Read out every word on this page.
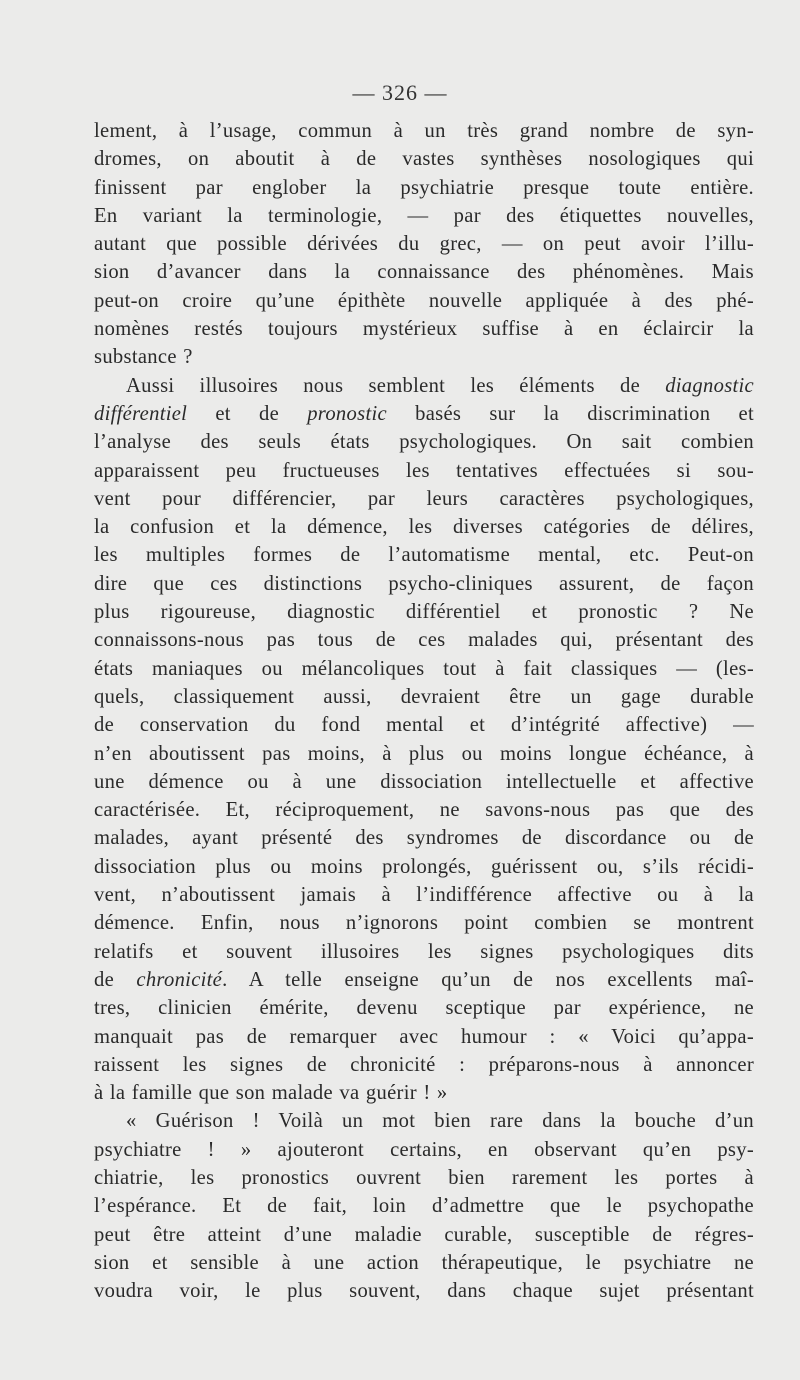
— 326 —

lement, à l’usage, commun à un très grand nombre de syn-
dromes, on aboutit à de vastes synthèses nosologiques qui
finissent par englober la psychiatrie presque toute entière.
En variant la terminologie, — par des étiquettes nouvelles,
autant que possible dérivées du grec, — on peut avoir l’illu-
sion d’avancer dans la connaissance des phénomènes. Mais
peut-on croire qu’une épithète nouvelle appliquée à des phé-
nomènes restés toujours mystérieux suffise à en éclaircir la
substance ?

Aussi illusoires nous semblent les éléments de diagnostic
différentiel et de pronostic basés sur la discrimination et
l’analyse des seuls états psychologiques. On sait combien
apparaissent peu fructueuses les tentatives effectuées si sou-
vent pour différencier, par leurs caractères psychologiques,
la confusion et la démence, les diverses catégories de délires,
les multiples formes de l’automatisme mental, etc. Peut-on
dire que ces distinctions psycho-cliniques assurent, de façon
plus rigoureuse, diagnostic différentiel et pronostic ? Ne
connaissons-nous pas tous de ces malades qui, présentant des
états maniaques ou mélancoliques tout à fait classiques — (les-
quels, classiquement aussi, devraient être un gage durable
de conservation du fond mental et d’intégrité affective) —
n’en aboutissent pas moins, à plus ou moins longue échéance, à
une démence ou à une dissociation intellectuelle et affective
caractérisée. Et, réciproquement, ne savons-nous pas que des
malades, ayant présenté des syndromes de discordance ou de
dissociation plus ou moins prolongés, guérissent ou, s’ils récidi-
vent, n’aboutissent jamais à l’indifférence affective ou à la
démence. Enfin, nous n’ignorons point combien se montrent
relatifs et souvent illusoires les signes psychologiques dits
de chronicité. A telle enseigne qu’un de nos excellents maî-
tres, clinicien émérite, devenu sceptique par expérience, ne
manquait pas de remarquer avec humour : « Voici qu’appa-
raissent les signes de chronicité : préparons-nous à annoncer
à la famille que son malade va guérir ! »

« Guérison ! Voilà un mot bien rare dans la bouche d’un
psychiatre ! » ajouteront certains, en observant qu’en psy-
chiatrie, les pronostics ouvrent bien rarement les portes à
l’espérance. Et de fait, loin d’admettre que le psychopathe
peut être atteint d’une maladie curable, susceptible de régres-
sion et sensible à une action thérapeutique, le psychiatre ne
voudra voir, le plus souvent, dans chaque sujet présentant
